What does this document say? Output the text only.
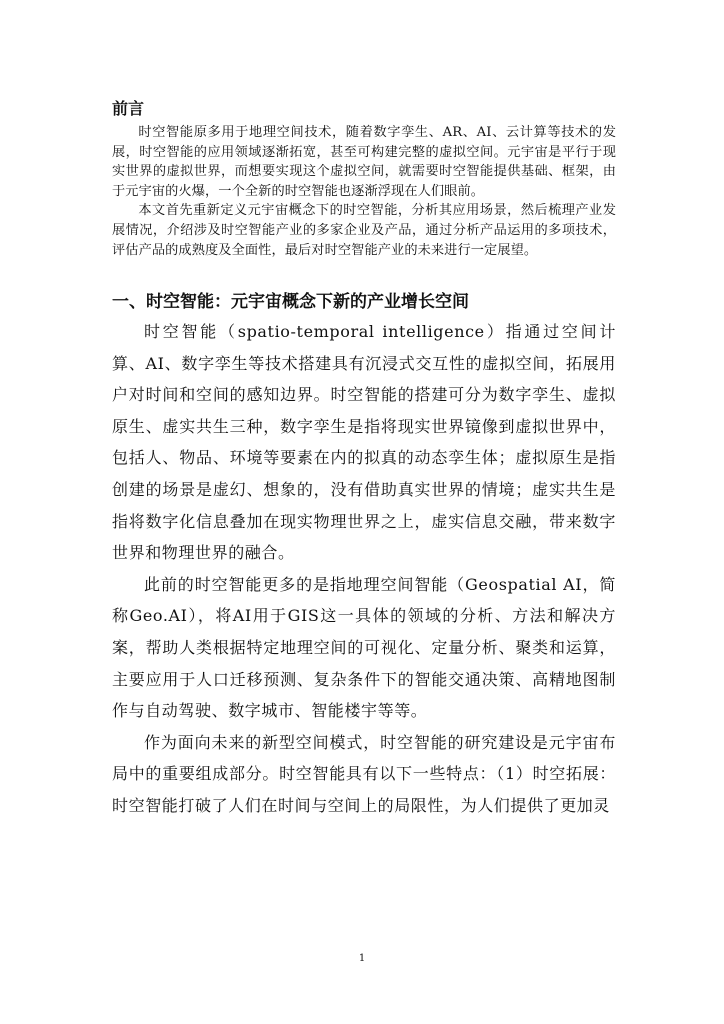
前言

时空智能原多用于地理空间技术，随着数字孪生、AR、AI、云计算等技术的发展，时空智能的应用领域逐渐拓宽，甚至可构建完整的虚拟空间。元宇宙是平行于现实世界的虚拟世界，而想要实现这个虚拟空间，就需要时空智能提供基础、框架，由于元宇宙的火爆，一个全新的时空智能也逐渐浮现在人们眼前。

本文首先重新定义元宇宙概念下的时空智能，分析其应用场景，然后梳理产业发展情况，介绍涉及时空智能产业的多家企业及产品，通过分析产品运用的多项技术，评估产品的成熟度及全面性，最后对时空智能产业的未来进行一定展望。

一、时空智能：元宇宙概念下新的产业增长空间

时空智能（spatio-temporal intelligence）指通过空间计算、AI、数字孪生等技术搭建具有沉浸式交互性的虚拟空间，拓展用户对时间和空间的感知边界。时空智能的搭建可分为数字孪生、虚拟原生、虚实共生三种，数字孪生是指将现实世界镜像到虚拟世界中，包括人、物品、环境等要素在内的拟真的动态孪生体；虚拟原生是指创建的场景是虚幻、想象的，没有借助真实世界的情境；虚实共生是指将数字化信息叠加在现实物理世界之上，虚实信息交融，带来数字世界和物理世界的融合。

此前的时空智能更多的是指地理空间智能（Geospatial AI，简称Geo.AI），将AI用于GIS这一具体的领域的分析、方法和解决方案，帮助人类根据特定地理空间的可视化、定量分析、聚类和运算，主要应用于人口迁移预测、复杂条件下的智能交通决策、高精地图制作与自动驾驶、数字城市、智能楼宇等等。

作为面向未来的新型空间模式，时空智能的研究建设是元宇宙布局中的重要组成部分。时空智能具有以下一些特点：（1）时空拓展：时空智能打破了人们在时间与空间上的局限性，为人们提供了更加灵

1
